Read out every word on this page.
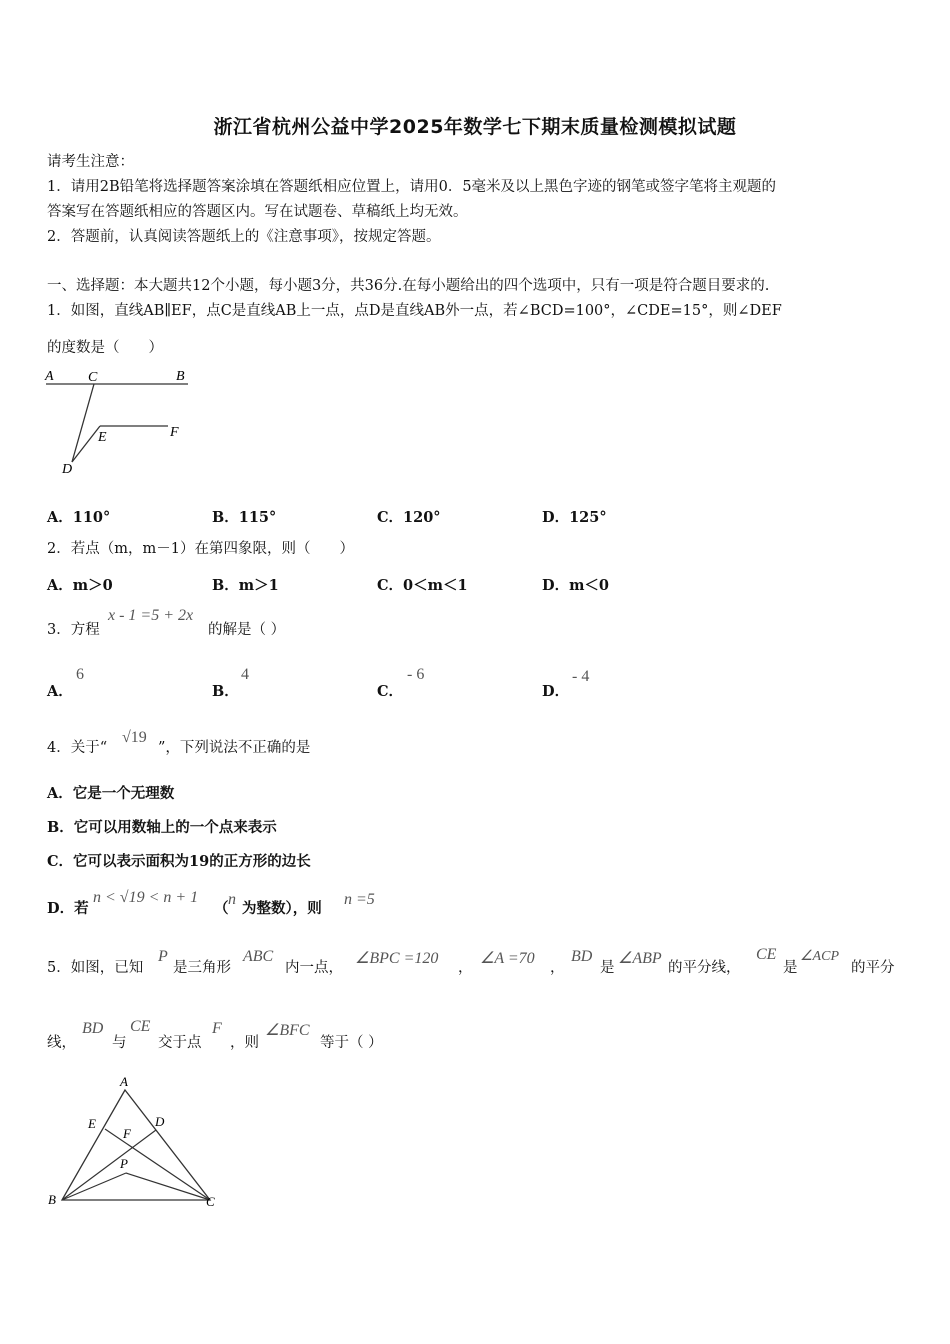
浙江省杭州公益中学2025年数学七下期末质量检测模拟试题
请考生注意：
1．请用2B铅笔将选择题答案涂填在答题纸相应位置上，请用0．5毫米及以上黑色字迹的钢笔或签字笔将主观题的
答案写在答题纸相应的答题区内。写在试题卷、草稿纸上均无效。
2．答题前，认真阅读答题纸上的《注意事项》，按规定答题。
一、选择题：本大题共12个小题，每小题3分，共36分.在每小题给出的四个选项中，只有一项是符合题目要求的.
1．如图，直线AB∥EF，点C是直线AB上一点，点D是直线AB外一点，若∠BCD=100°，∠CDE=15°，则∠DEF
的度数是（　　）
A C	B
E	F
D
A．110°	B．115°	C．120°	D．125°
2．若点（m，m－1）在第四象限，则（　　）
A．m＞0	B．m＞1	C．0＜m＜1	D．m＜0
3．方程
x - 1 =5 + 2x
的解是（ ）
A．
6
B．
4
C．
- 6
D．
- 4
4．关于“
√19
”，下列说法不正确的是
A．它是一个无理数
B．它可以用数轴上的一个点来表示
C．它可以表示面积为19的正方形的边长
D．若
n < √19 < n + 1
（
n
为整数），则
n =5
5．如图，已知
P
是三角形
ABC
内一点，
∠BPC =120
，
∠A =70
，
BD
是
∠ABP
的平分线，
CE
是
∠ACP
的平分
线，
BD
与
CE
交于点
F
，则
∠BFC
等于（ ）
A
E	D
F
P
B	C
